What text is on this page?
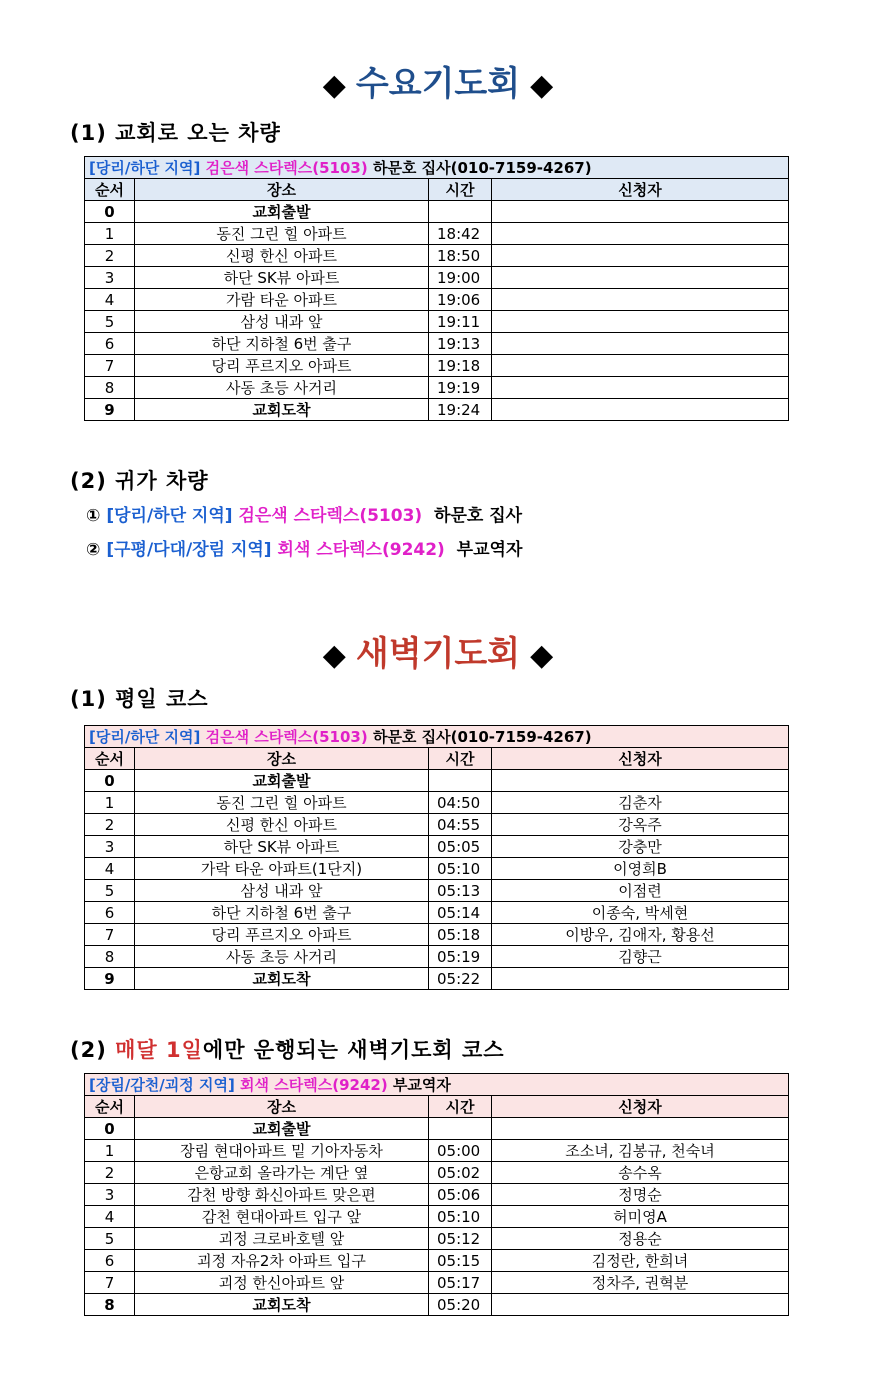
◆ 수요기도회 ◆
(1) 교회로 오는 차량
[당리/하단 지역] 검은색 스타렉스(5103) 하문호 집사(010-7159-4267)			
순서	장소	시간	신청자
0	교회출발		
1	동진 그린 힐 아파트	18:42	
2	신평 한신 아파트	18:50	
3	하단 SK뷰 아파트	19:00	
4	가람 타운 아파트	19:06	
5	삼성 내과 앞	19:11	
6	하단 지하철 6번 출구	19:13	
7	당리 푸르지오 아파트	19:18	
8	사동 초등 사거리	19:19	
9	교회도착	19:24	
(2) 귀가 차량
① [당리/하단 지역] 검은색 스타렉스(5103) 하문호 집사
② [구평/다대/장림 지역] 회색 스타렉스(9242) 부교역자
◆ 새벽기도회 ◆
(1) 평일 코스
[당리/하단 지역] 검은색 스타렉스(5103) 하문호 집사(010-7159-4267)			
순서	장소	시간	신청자
0	교회출발		
1	동진 그린 힐 아파트	04:50	김춘자
2	신평 한신 아파트	04:55	강옥주
3	하단 SK뷰 아파트	05:05	강충만
4	가락 타운 아파트(1단지)	05:10	이영희B
5	삼성 내과 앞	05:13	이점련
6	하단 지하철 6번 출구	05:14	이종숙, 박세현
7	당리 푸르지오 아파트	05:18	이방우, 김애자, 황용선
8	사동 초등 사거리	05:19	김향근
9	교회도착	05:22	
(2) 매달 1일에만 운행되는 새벽기도회 코스
[장림/감천/괴정 지역] 회색 스타렉스(9242) 부교역자			
순서	장소	시간	신청자
0	교회출발		
1	장림 현대아파트 밑 기아자동차	05:00	조소녀, 김봉규, 천숙녀
2	은항교회 올라가는 계단 옆	05:02	송수옥
3	감천 방향 화신아파트 맞은편	05:06	정명순
4	감천 현대아파트 입구 앞	05:10	허미영A
5	괴정 크로바호텔 앞	05:12	정용순
6	괴정 자유2차 아파트 입구	05:15	김정란, 한희녀
7	괴정 한신아파트 앞	05:17	정차주, 권혁분
8	교회도착	05:20	
